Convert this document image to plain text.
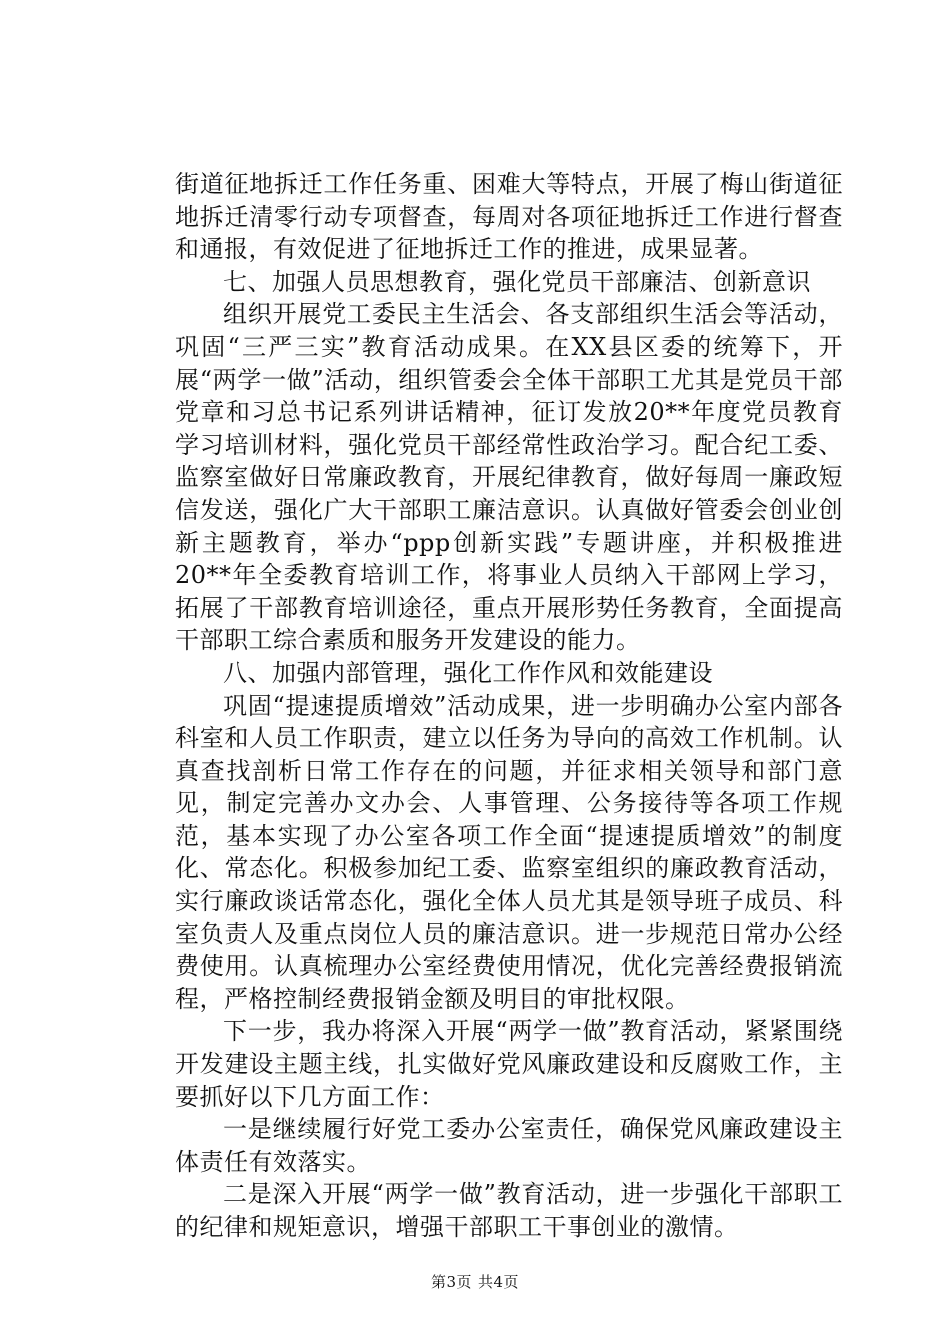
街道征地拆迁工作任务重、困难大等特点，开展了梅山街道征地拆迁清零行动专项督查，每周对各项征地拆迁工作进行督查和通报，有效促进了征地拆迁工作的推进，成果显著。

七、加强人员思想教育，强化党员干部廉洁、创新意识

组织开展党工委民主生活会、各支部组织生活会等活动，巩固“三严三实”教育活动成果。在XX县区委的统筹下，开展“两学一做”活动，组织管委会全体干部职工尤其是党员干部党章和习总书记系列讲话精神，征订发放20**年度党员教育学习培训材料，强化党员干部经常性政治学习。配合纪工委、监察室做好日常廉政教育，开展纪律教育，做好每周一廉政短信发送，强化广大干部职工廉洁意识。认真做好管委会创业创新主题教育，举办“ppp创新实践”专题讲座，并积极推进20**年全委教育培训工作，将事业人员纳入干部网上学习，拓展了干部教育培训途径，重点开展形势任务教育，全面提高干部职工综合素质和服务开发建设的能力。

八、加强内部管理，强化工作作风和效能建设

巩固“提速提质增效”活动成果，进一步明确办公室内部各科室和人员工作职责，建立以任务为导向的高效工作机制。认真查找剖析日常工作存在的问题，并征求相关领导和部门意见，制定完善办文办会、人事管理、公务接待等各项工作规范，基本实现了办公室各项工作全面“提速提质增效”的制度化、常态化。积极参加纪工委、监察室组织的廉政教育活动，实行廉政谈话常态化，强化全体人员尤其是领导班子成员、科室负责人及重点岗位人员的廉洁意识。进一步规范日常办公经费使用。认真梳理办公室经费使用情况，优化完善经费报销流程，严格控制经费报销金额及明目的审批权限。

下一步，我办将深入开展“两学一做”教育活动，紧紧围绕开发建设主题主线，扎实做好党风廉政建设和反腐败工作，主要抓好以下几方面工作：

一是继续履行好党工委办公室责任，确保党风廉政建设主体责任有效落实。

二是深入开展“两学一做”教育活动，进一步强化干部职工的纪律和规矩意识，增强干部职工干事创业的激情。

第3页 共4页
